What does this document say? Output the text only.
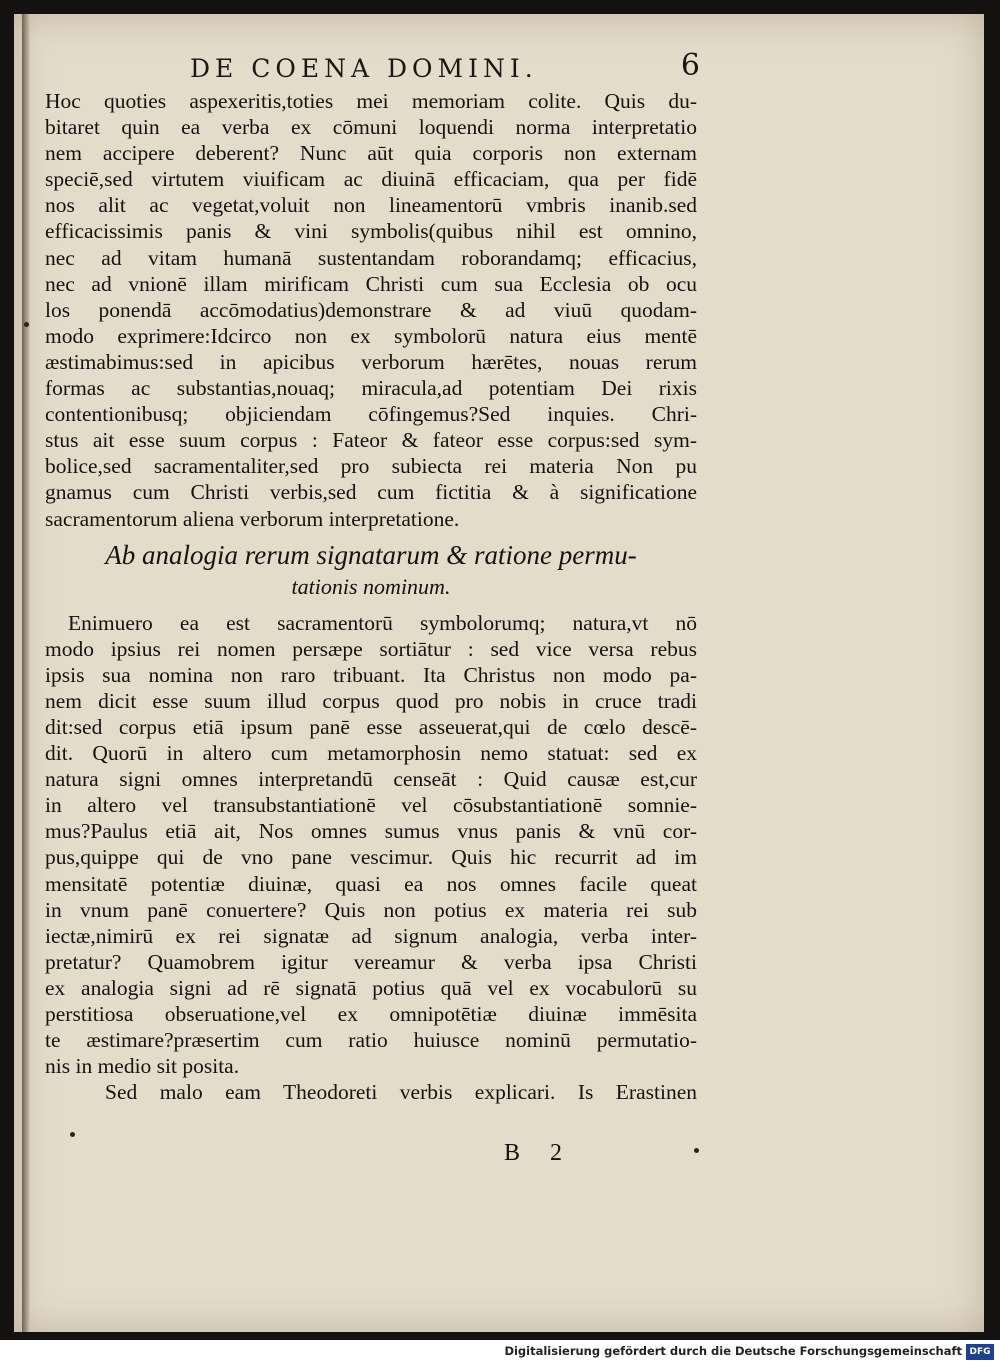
DE COENA DOMINI.	6
Hoc quoties aspexeritis,toties mei memoriam colite. Quis du-
bitaret quin ea verba ex cōmuni loquendi norma interpretatio
nem accipere deberent? Nunc aūt quia corporis non externam
speciē,sed virtutem viuificam ac diuinā efficaciam, qua per fidē
nos alit ac vegetat,voluit non lineamentorū vmbris inanib.sed
efficacissimis panis & vini symbolis(quibus nihil est omnino,
nec ad vitam humanā sustentandam roborandamq; efficacius,
nec ad vnionē illam mirificam Christi cum sua Ecclesia ob ocu
los ponendā accōmodatius)demonstrare & ad viuū quodam-
modo exprimere:Idcirco non ex symbolorū natura eius mentē
æstimabimus:sed in apicibus verborum hærētes, nouas rerum
formas ac substantias,nouaq; miracula,ad potentiam Dei rixis
contentionibusq; objiciendam cōfingemus?Sed inquies. Chri-
stus ait esse suum corpus : Fateor & fateor esse corpus:sed sym-
bolice,sed sacramentaliter,sed pro subiecta rei materia Non pu
gnamus cum Christi verbis,sed cum fictitia & à significatione
sacramentorum aliena verborum interpretatione.
Ab analogia rerum signatarum & ratione permu-
tationis nominum.
Enimuero ea est sacramentorū symbolorumq; natura,vt nō
modo ipsius rei nomen persæpe sortiātur : sed vice versa rebus
ipsis sua nomina non raro tribuant. Ita Christus non modo pa-
nem dicit esse suum illud corpus quod pro nobis in cruce tradi
dit:sed corpus etiā ipsum panē esse asseuerat,qui de cœlo descē-
dit. Quorū in altero cum metamorphosin nemo statuat: sed ex
natura signi omnes interpretandū censeāt : Quid causæ est,cur
in altero vel transubstantiationē vel cōsubstantiationē somnie-
mus?Paulus etiā ait, Nos omnes sumus vnus panis & vnū cor-
pus,quippe qui de vno pane vescimur. Quis hic recurrit ad im
mensitatē potentiæ diuinæ, quasi ea nos omnes facile queat
in vnum panē conuertere? Quis non potius ex materia rei sub
iectæ,nimirū ex rei signatæ ad signum analogia, verba inter-
pretatur? Quamobrem igitur vereamur & verba ipsa Christi
ex analogia signi ad rē signatā potius quā vel ex vocabulorū su
perstitiosa obseruatione,vel ex omnipotētiæ diuinæ immēsita
te æstimare?præsertim cum ratio huiusce nominū permutatio-
nis in medio sit posita.
Sed malo eam Theodoreti verbis explicari. Is Erastinen
B 2
Digitalisierung gefördert durch die Deutsche Forschungsgemeinschaft DFG
